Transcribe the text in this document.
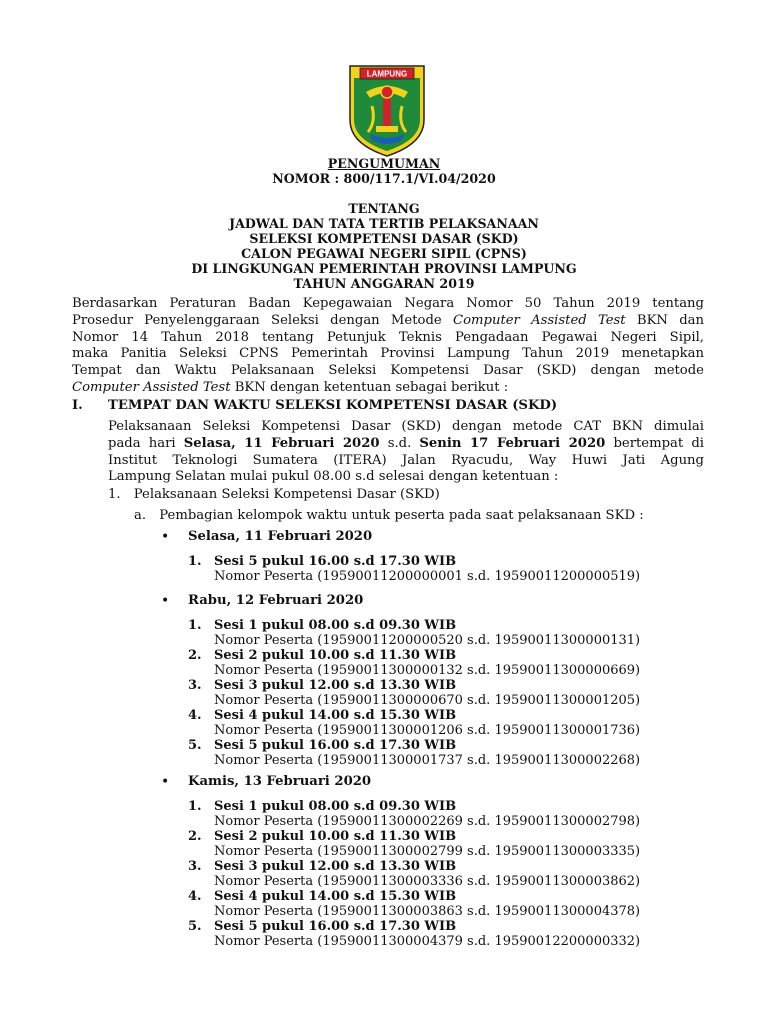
LAMPUNG
PENGUMUMAN
NOMOR : 800/117.1/VI.04/2020
TENTANG
JADWAL DAN TATA TERTIB PELAKSANAAN
SELEKSI KOMPETENSI DASAR (SKD)
CALON PEGAWAI NEGERI SIPIL (CPNS)
DI LINGKUNGAN PEMERINTAH PROVINSI LAMPUNG
TAHUN ANGGARAN 2019
Berdasarkan Peraturan Badan Kepegawaian Negara Nomor 50 Tahun 2019 tentang
Prosedur Penyelenggaraan Seleksi dengan Metode Computer Assisted Test BKN dan
Nomor 14 Tahun 2018 tentang Petunjuk Teknis Pengadaan Pegawai Negeri Sipil,
maka Panitia Seleksi CPNS Pemerintah Provinsi Lampung Tahun 2019 menetapkan
Tempat dan Waktu Pelaksanaan Seleksi Kompetensi Dasar (SKD) dengan metode
Computer Assisted Test BKN dengan ketentuan sebagai berikut :
I. TEMPAT DAN WAKTU SELEKSI KOMPETENSI DASAR (SKD)
Pelaksanaan Seleksi Kompetensi Dasar (SKD) dengan metode CAT BKN dimulai
pada hari Selasa, 11 Februari 2020 s.d. Senin 17 Februari 2020 bertempat di
Institut Teknologi Sumatera (ITERA) Jalan Ryacudu, Way Huwi Jati Agung
Lampung Selatan mulai pukul 08.00 s.d selesai dengan ketentuan :
1. Pelaksanaan Seleksi Kompetensi Dasar (SKD)
a. Pembagian kelompok waktu untuk peserta pada saat pelaksanaan SKD :
• Selasa, 11 Februari 2020
1. Sesi 5 pukul 16.00 s.d 17.30 WIB
Nomor Peserta (1959001120000000​1 s.d. 19590011200000519)
• Rabu, 12 Februari 2020
1. Sesi 1 pukul 08.00 s.d 09.30 WIB
Nomor Peserta (19590011200000520 s.d. 19590011300000131)
2. Sesi 2 pukul 10.00 s.d 11.30 WIB
Nomor Peserta (19590011300000132 s.d. 19590011300000669)
3. Sesi 3 pukul 12.00 s.d 13.30 WIB
Nomor Peserta (19590011300000670 s.d. 19590011300001205)
4. Sesi 4 pukul 14.00 s.d 15.30 WIB
Nomor Peserta (19590011300001206 s.d. 19590011300001736)
5. Sesi 5 pukul 16.00 s.d 17.30 WIB
Nomor Peserta (19590011300001737 s.d. 19590011300002268)
• Kamis, 13 Februari 2020
1. Sesi 1 pukul 08.00 s.d 09.30 WIB
Nomor Peserta (19590011300002269 s.d. 19590011300002798)
2. Sesi 2 pukul 10.00 s.d 11.30 WIB
Nomor Peserta (19590011300002799 s.d. 19590011300003335)
3. Sesi 3 pukul 12.00 s.d 13.30 WIB
Nomor Peserta (19590011300003336 s.d. 19590011300003862)
4. Sesi 4 pukul 14.00 s.d 15.30 WIB
Nomor Peserta (19590011300003863 s.d. 19590011300004378)
5. Sesi 5 pukul 16.00 s.d 17.30 WIB
Nomor Peserta (19590011300004379 s.d. 19590012200000332)
